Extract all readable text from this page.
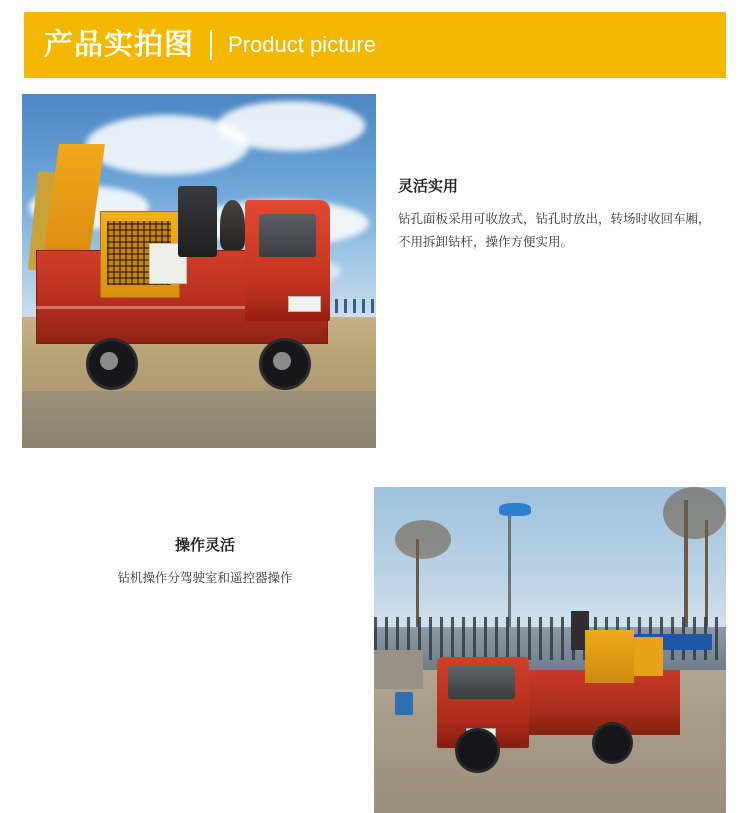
产品实拍图 Product picture
灵活实用

钻孔面板采用可收放式，钻孔时放出，转场时收回车厢，不用拆卸钻杆，操作方便实用。

操作灵活

钻机操作分驾驶室和遥控器操作
